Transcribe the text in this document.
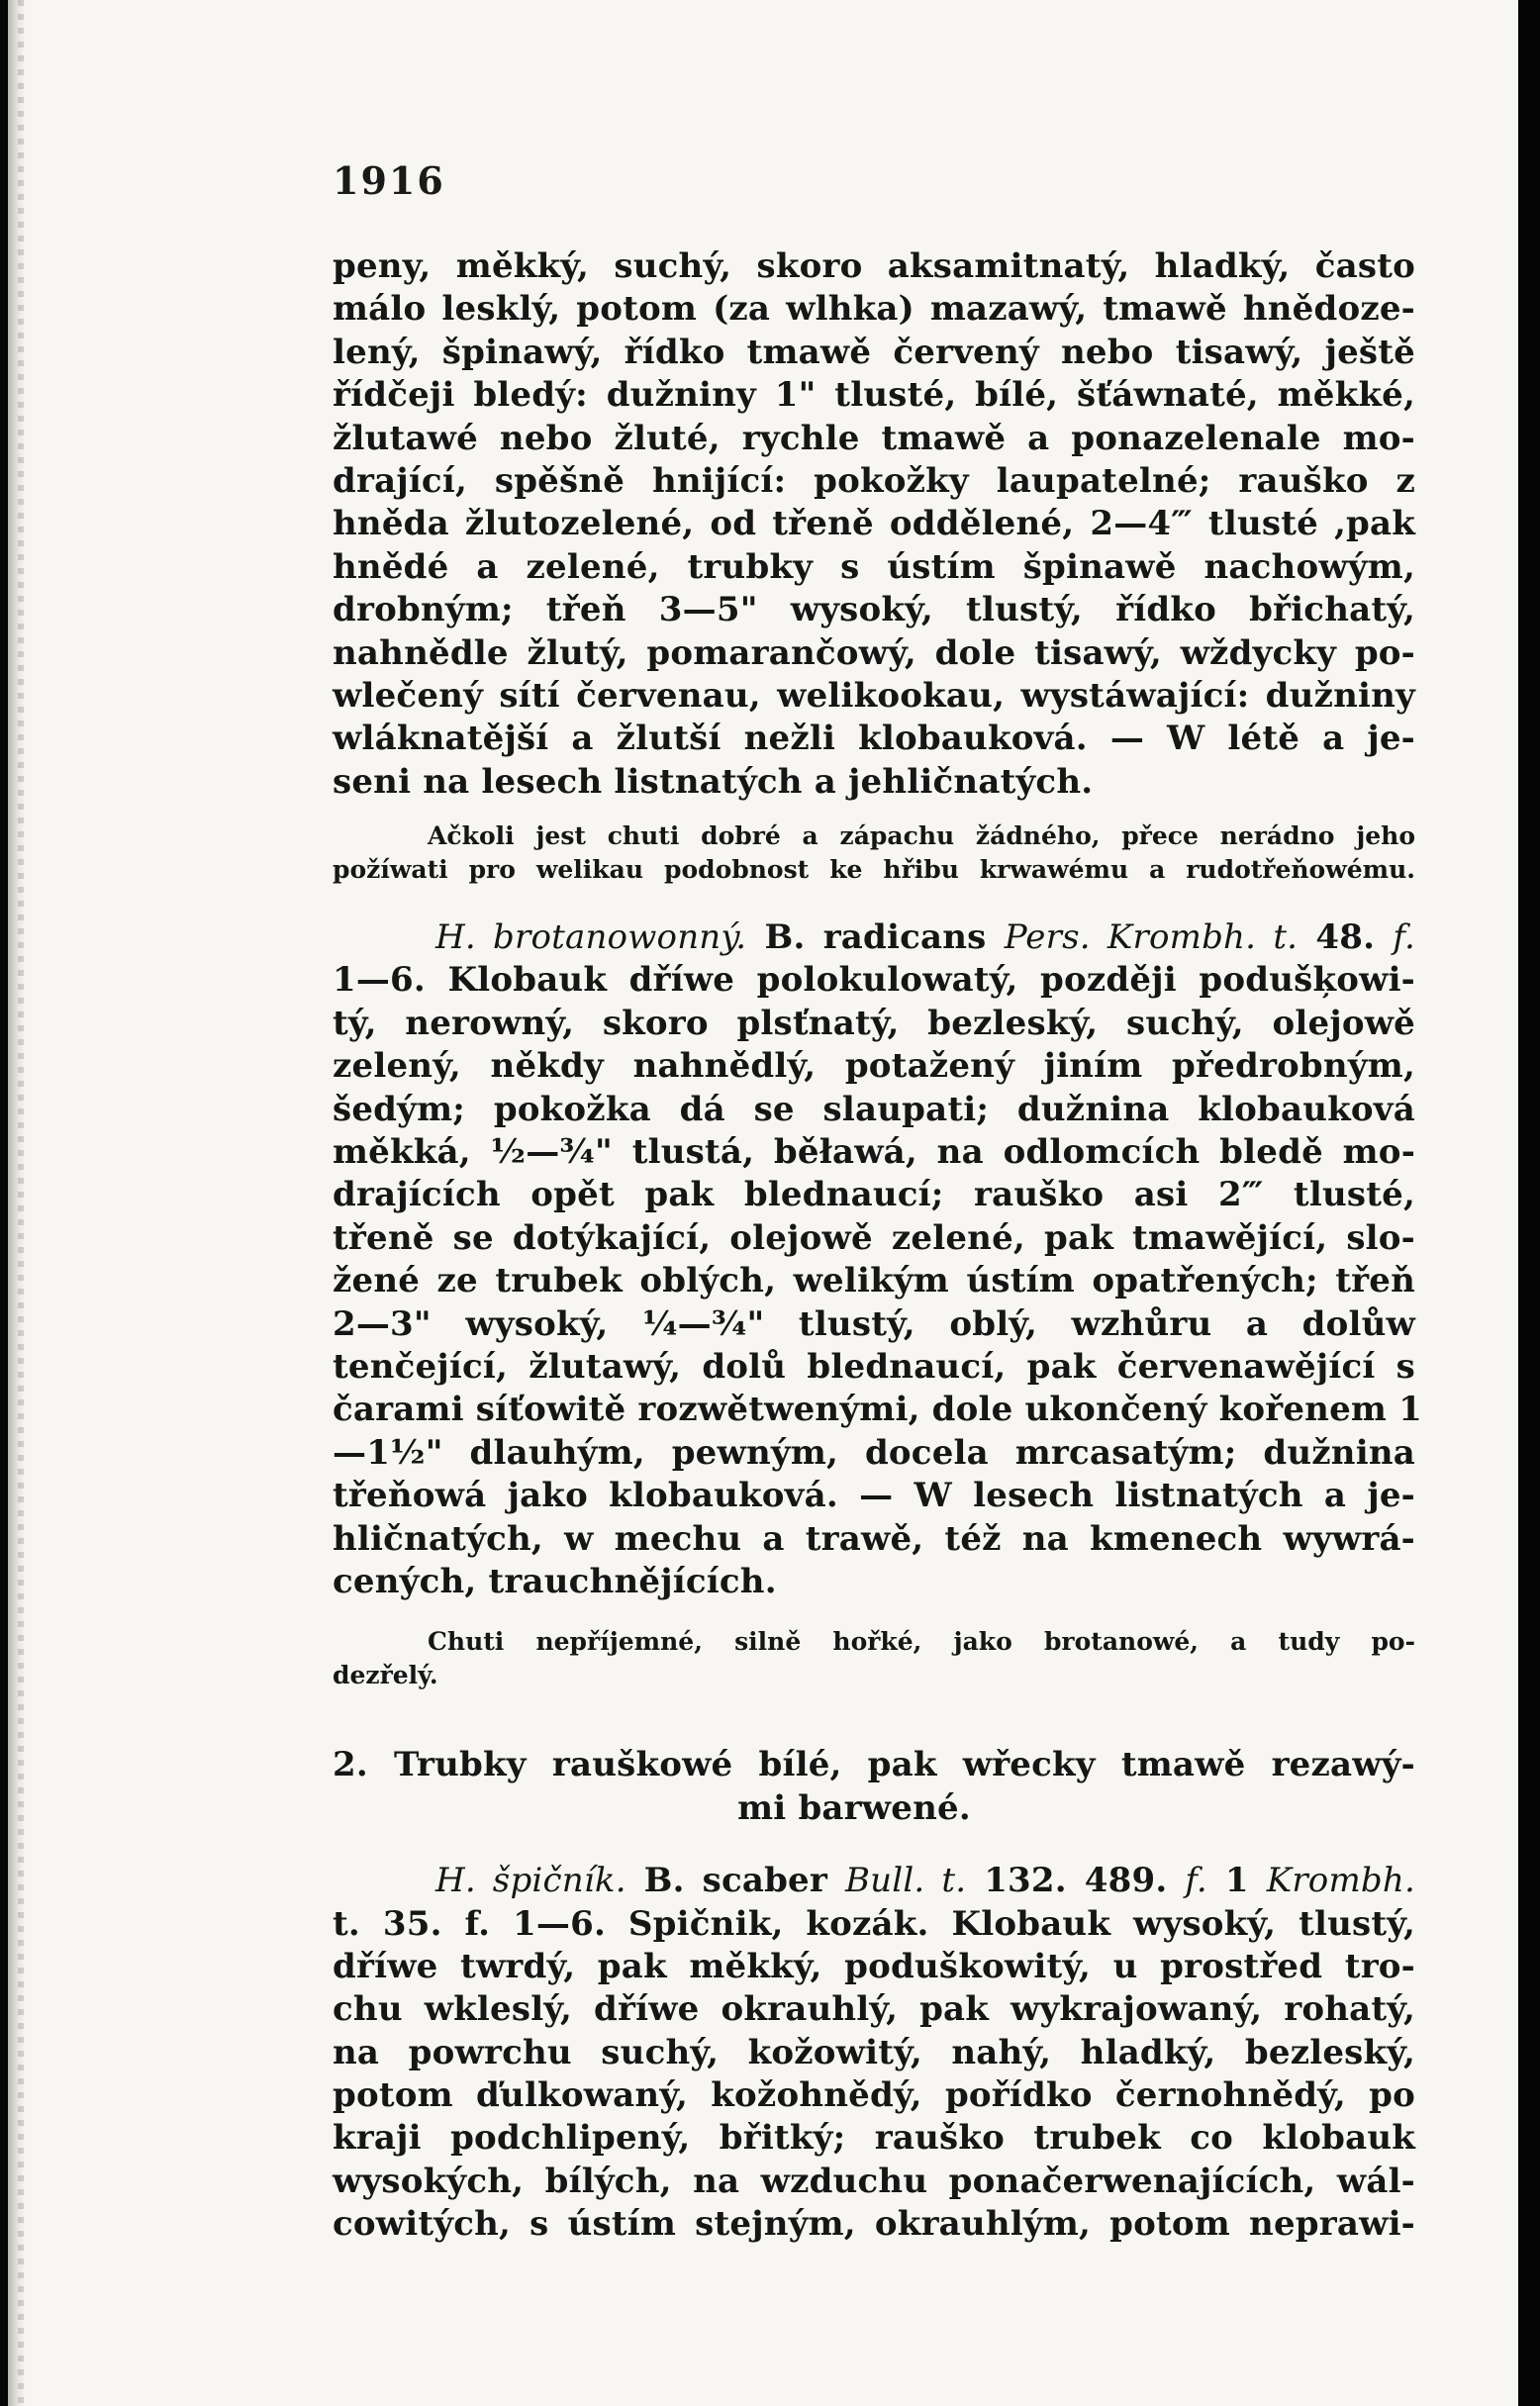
1916
peny, měkký, suchý, skoro aksamitnatý, hladký, často
málo lesklý, potom (za wlhka) mazawý, tmawě hnědoze-
lený, špinawý, řídko tmawě červený nebo tisawý, ještě
řídčeji bledý: dužniny 1" tlusté, bílé, šťáwnaté, měkké,
žlutawé nebo žluté, rychle tmawě a ponazelenale mo-
drající, spěšně hnijící: pokožky laupatelné; rauško z
hněda žlutozelené, od třeně oddělené, 2—4‴ tlusté ,pak
hnědé a zelené, trubky s ústím špinawě nachowým,
drobným; třeň 3—5" wysoký, tlustý, řídko břichatý,
nahnědle žlutý, pomarančowý, dole tisawý, wždycky po-
wlečený sítí červenau, welikookau, wystáwající: dužniny
wláknatější a žlutší nežli klobauková. — W létě a je-
seni na lesech listnatých a jehličnatých.
Ačkoli jest chuti dobré a zápachu žádného, přece nerádno jeho
požíwati pro welikau podobnost ke hřibu krwawému a rudotřeňowému.
H. brotanowonný. B. radicans Pers. Krombh. t. 48. f.
1—6. Klobauk dříwe polokulowatý, později podušķowi-
tý, nerowný, skoro plsťnatý, bezleský, suchý, olejowě
zelený, někdy nahnědlý, potažený jiním předrobným,
šedým; pokožka dá se slaupati; dužnina klobauková
měkká, ½—¾" tlustá, běławá, na odlomcích bledě mo-
drajících opět pak blednaucí; rauško asi 2‴ tlusté,
třeně se dotýkající, olejowě zelené, pak tmawějící, slo-
žené ze trubek oblých, welikým ústím opatřených; třeň
2—3" wysoký, ¼—¾" tlustý, oblý, wzhůru a dolůw
tenčející, žlutawý, dolů blednaucí, pak červenawějící s
čarami síťowitě rozwětwenými, dole ukončený kořenem 1
—1½" dlauhým, pewným, docela mrcasatým; dužnina
třeňowá jako klobauková. — W lesech listnatých a je-
hličnatých, w mechu a trawě, též na kmenech wywrá-
cených, trauchnějících.
Chuti nepříjemné, silně hořké, jako brotanowé, a tudy po-
dezřelý.
2. Trubky rauškowé bílé, pak wřecky tmawě rezawý-
mi barwené.
H. špičník. B. scaber Bull. t. 132. 489. f. 1 Krombh.
t. 35. f. 1—6. Spičnik, kozák. Klobauk wysoký, tlustý,
dříwe twrdý, pak měkký, poduškowitý, u prostřed tro-
chu wkleslý, dříwe okrauhlý, pak wykrajowaný, rohatý,
na powrchu suchý, kožowitý, nahý, hladký, bezleský,
potom ďulkowaný, kožohnědý, pořídko černohnědý, po
kraji podchlipený, břitký; rauško trubek co klobauk
wysokých, bílých, na wzduchu ponačerwenajících, wál-
cowitých, s ústím stejným, okrauhlým, potom neprawi-
